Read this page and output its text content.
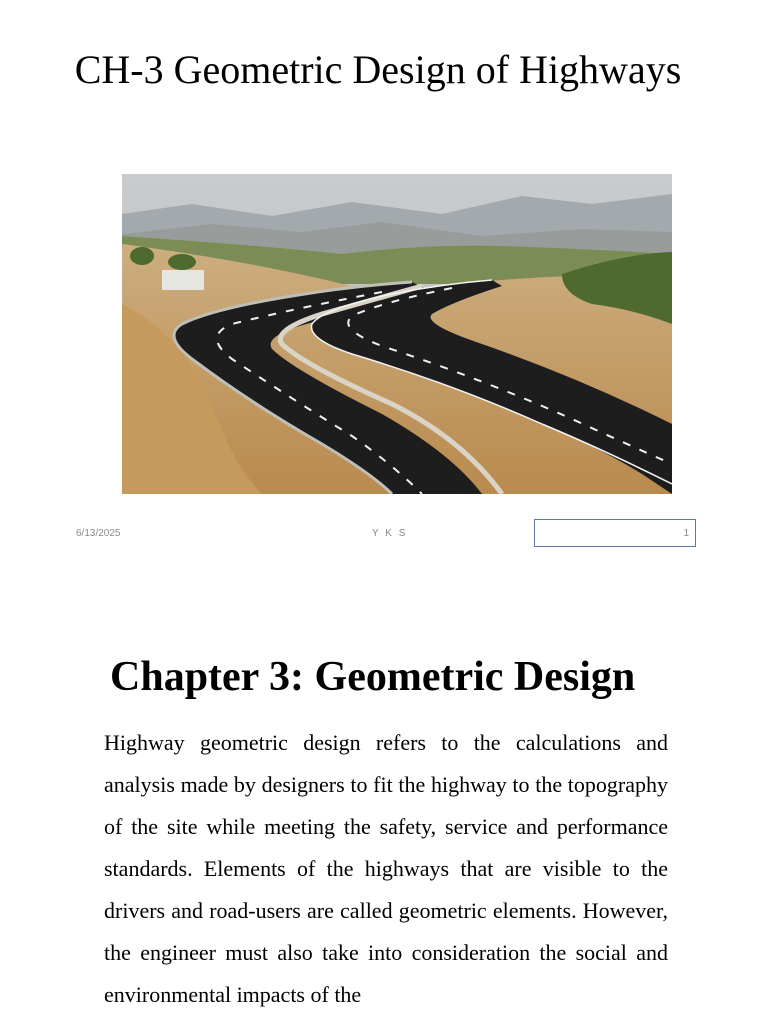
CH-3 Geometric Design of Highways
6/13/2025	Y K S	1
Chapter 3: Geometric Design

Highway geometric design refers to the calculations and analysis made by designers to fit the highway to the topography of the site while meeting the safety, service and performance standards. Elements of the highways that are visible to the drivers and road-users are called geometric elements. However, the engineer must also take into consideration the social and environmental impacts of the
